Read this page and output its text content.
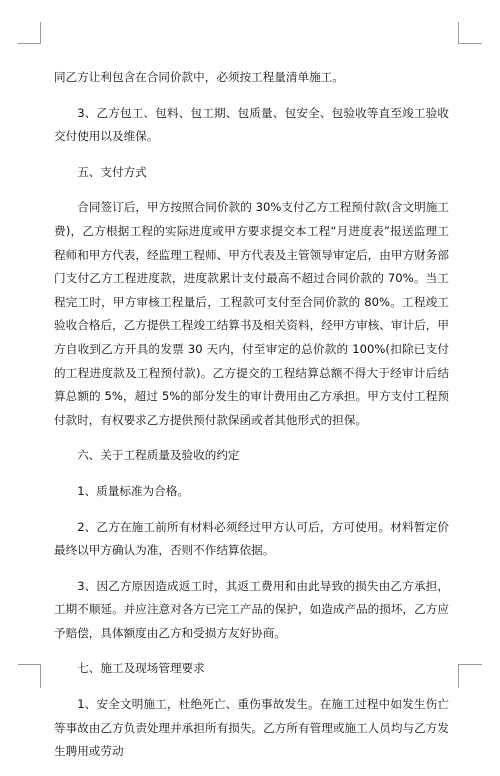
同乙方让利包含在合同价款中，必须按工程量清单施工。

3、乙方包工、包料、包工期、包质量、包安全、包验收等直至竣工验收交付使用以及维保。

五、支付方式

合同签订后，甲方按照合同价款的 30%支付乙方工程预付款(含文明施工费)，乙方根据工程的实际进度或甲方要求提交本工程“月进度表”报送监理工程师和甲方代表，经监理工程师、甲方代表及主管领导审定后，由甲方财务部门支付乙方工程进度款，进度款累计支付最高不超过合同价款的 70%。当工程完工时，甲方审核工程量后，工程款可支付至合同价款的 80%。工程竣工验收合格后，乙方提供工程竣工结算书及相关资料，经甲方审核、审计后，甲方自收到乙方开具的发票 30 天内，付至审定的总价款的 100%(扣除已支付的工程进度款及工程预付款)。乙方提交的工程结算总额不得大于经审计后结算总额的 5%，超过 5%的部分发生的审计费用由乙方承担。甲方支付工程预付款时，有权要求乙方提供预付款保函或者其他形式的担保。

六、关于工程质量及验收的约定

1、质量标准为合格。

2、乙方在施工前所有材料必须经过甲方认可后，方可使用。材料暂定价最终以甲方确认为准，否则不作结算依据。

3、因乙方原因造成返工时，其返工费用和由此导致的损失由乙方承担，工期不顺延。并应注意对各方已完工产品的保护，如造成产品的损坏，乙方应予赔偿，具体额度由乙方和受损方友好协商。

七、施工及现场管理要求

1、安全文明施工，杜绝死亡、重伤事故发生。在施工过程中如发生伤亡等事故由乙方负责处理并承担所有损失。乙方所有管理或施工人员均与乙方发生聘用或劳动
